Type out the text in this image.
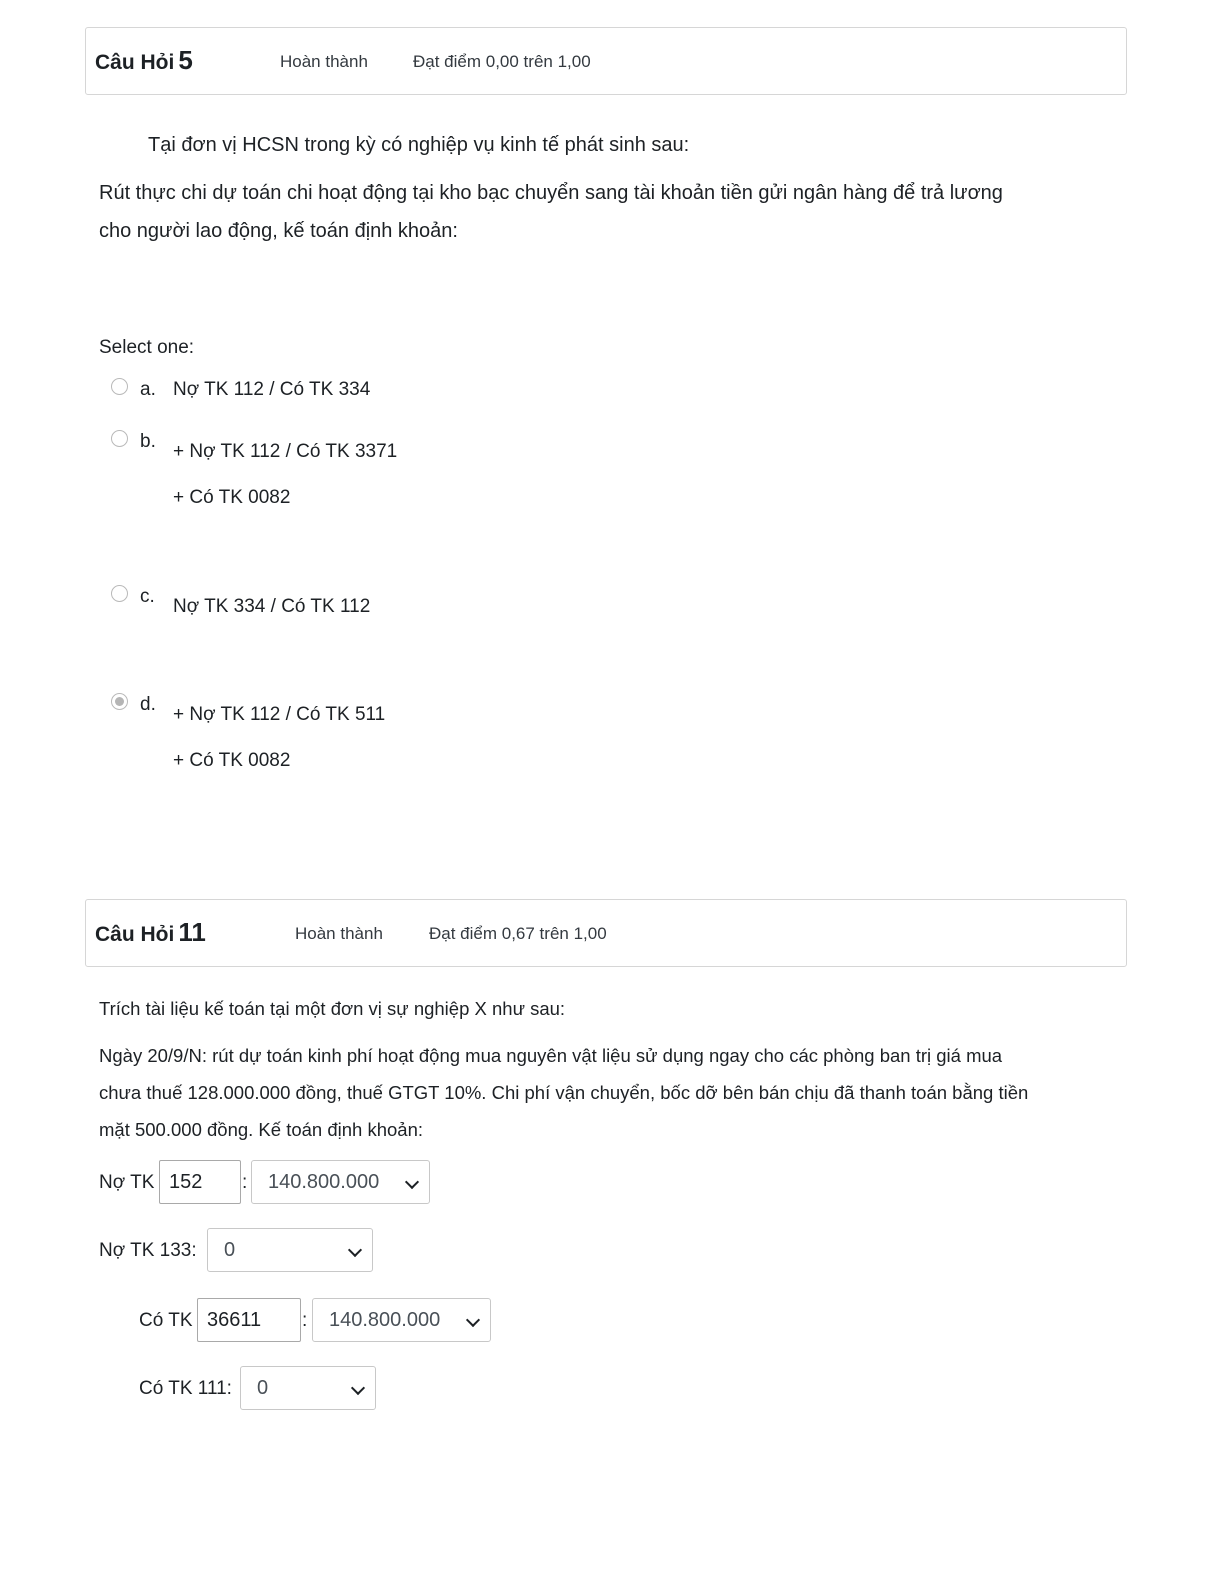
Câu Hỏi 5	Hoàn thành	Đạt điểm 0,00 trên 1,00
Tại đơn vị HCSN trong kỳ có nghiệp vụ kinh tế phát sinh sau:
Rút thực chi dự toán chi hoạt động tại kho bạc chuyển sang tài khoản tiền gửi ngân hàng để trả lương
cho người lao động, kế toán định khoản:
Select one:
a. Nợ TK 112 / Có TK 334
b. + Nợ TK 112 / Có TK 3371
+ Có TK 0082
c. Nợ TK 334 / Có TK 112
d. + Nợ TK 112 / Có TK 511
+ Có TK 0082
Câu Hỏi 11	Hoàn thành	Đạt điểm 0,67 trên 1,00
Trích tài liệu kế toán tại một đơn vị sự nghiệp X như sau:
Ngày 20/9/N: rút dự toán kinh phí hoạt động mua nguyên vật liệu sử dụng ngay cho các phòng ban trị giá mua
chưa thuế 128.000.000 đồng, thuế GTGT 10%. Chi phí vận chuyển, bốc dỡ bên bán chịu đã thanh toán bằng tiền
mặt 500.000 đồng. Kế toán định khoản:
Nợ TK 152	:	140.800.000
Nợ TK 133:	0
Có TK 36611	:	140.800.000
Có TK 111:	0
